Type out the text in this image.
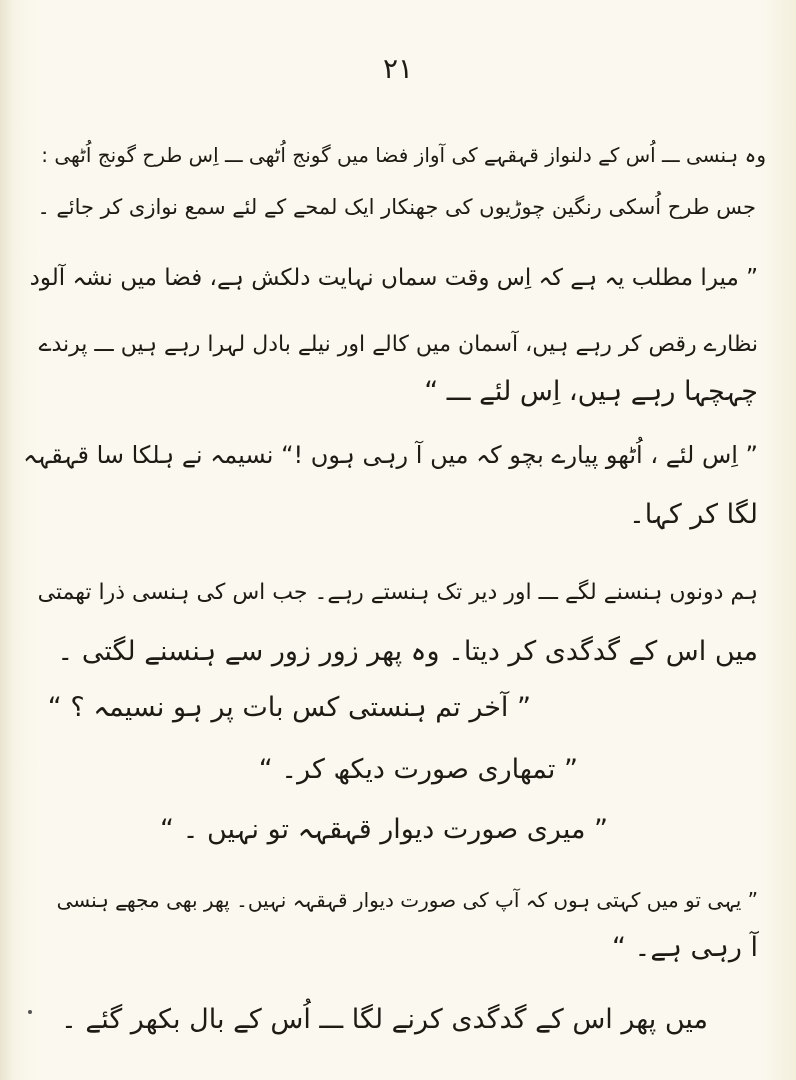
۲۱
وہ ہنسی ـــ اُس کے دلنواز قہقہے کی آواز فضا میں گونج اُٹھی ـــ اِس طرح گونج اُٹھی :
جس طرح اُسکی رنگین چوڑیوں کی جھنکار ایک لمحے کے لئے سمع نوازی کر جائے ۔
” میرا مطلب یہ ہے کہ اِس وقت سماں نہایت دلکش ہے، فضا میں نشہ آلود
نظارے رقص کر رہے ہیں، آسمان میں کالے اور نیلے بادل لہرا رہے ہیں ـــ پرندے
چہچہا رہے ہیں، اِس لئے ـــ “
” اِس لئے ، اُٹھو پیارے بچو کہ میں آ رہی ہوں !“ نسیمہ نے ہلکا سا قہقہہ
لگا کر کہا۔
ہم دونوں ہنسنے لگے ـــ اور دیر تک ہنستے رہے۔ جب اس کی ہنسی ذرا تھمتی
میں اس کے گدگدی کر دیتا۔ وہ پھر زور زور سے ہنسنے لگتی ۔
” آخر تم ہنستی کس بات پر ہو نسیمہ ؟ “
” تمھاری صورت دیکھ کر۔ “
” میری صورت دیوار قہقہہ تو نہیں ۔ “
” یہی تو میں کہتی ہوں کہ آپ کی صورت دیوار قہقہہ نہیں۔ پھر بھی مجھے ہنسی
آ رہی ہے۔ “
میں پھر اس کے گدگدی کرنے لگا ـــ اُس کے بال بکھر گئے ۔
